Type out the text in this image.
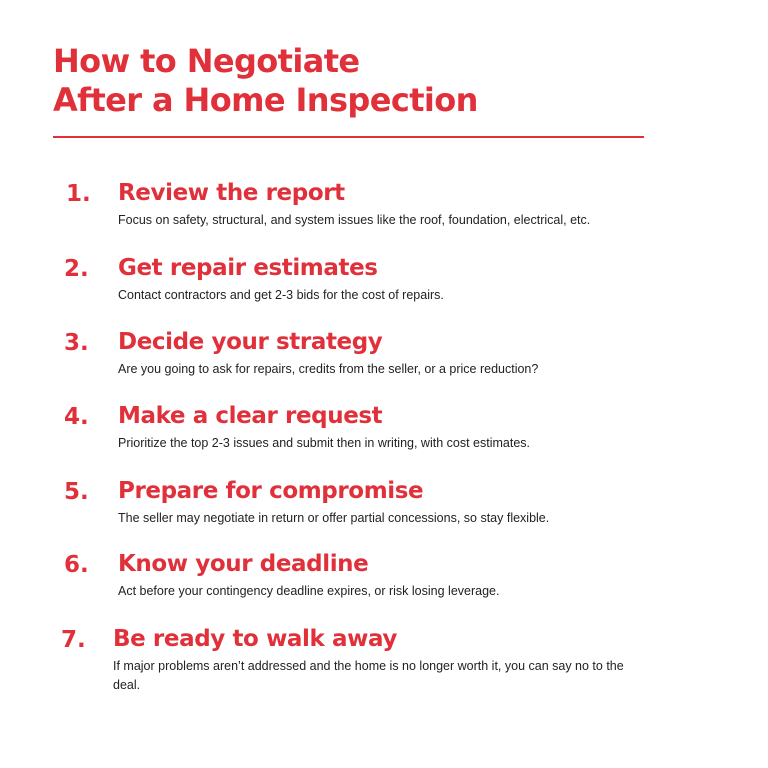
How to Negotiate
After a Home Inspection
1. Review the report
Focus on safety, structural, and system issues like the roof, foundation, electrical, etc.
2. Get repair estimates
Contact contractors and get 2-3 bids for the cost of repairs.
3. Decide your strategy
Are you going to ask for repairs, credits from the seller, or a price reduction?
4. Make a clear request
Prioritize the top 2-3 issues and submit then in writing, with cost estimates.
5. Prepare for compromise
The seller may negotiate in return or offer partial concessions, so stay flexible.
6. Know your deadline
Act before your contingency deadline expires, or risk losing leverage.
7. Be ready to walk away
If major problems aren’t addressed and the home is no longer worth it, you can say no to the deal.
